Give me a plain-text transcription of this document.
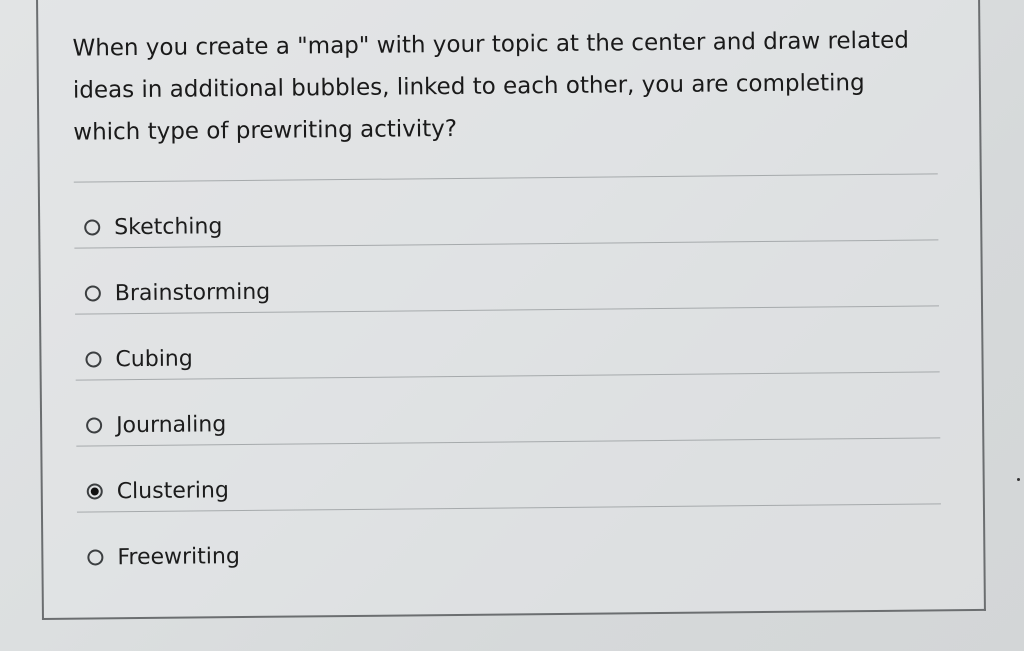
When you create a "map" with your topic at the center and draw related ideas in additional bubbles, linked to each other, you are completing which type of prewriting activity?

Sketching
Brainstorming
Cubing
Journaling
Clustering
Freewriting
